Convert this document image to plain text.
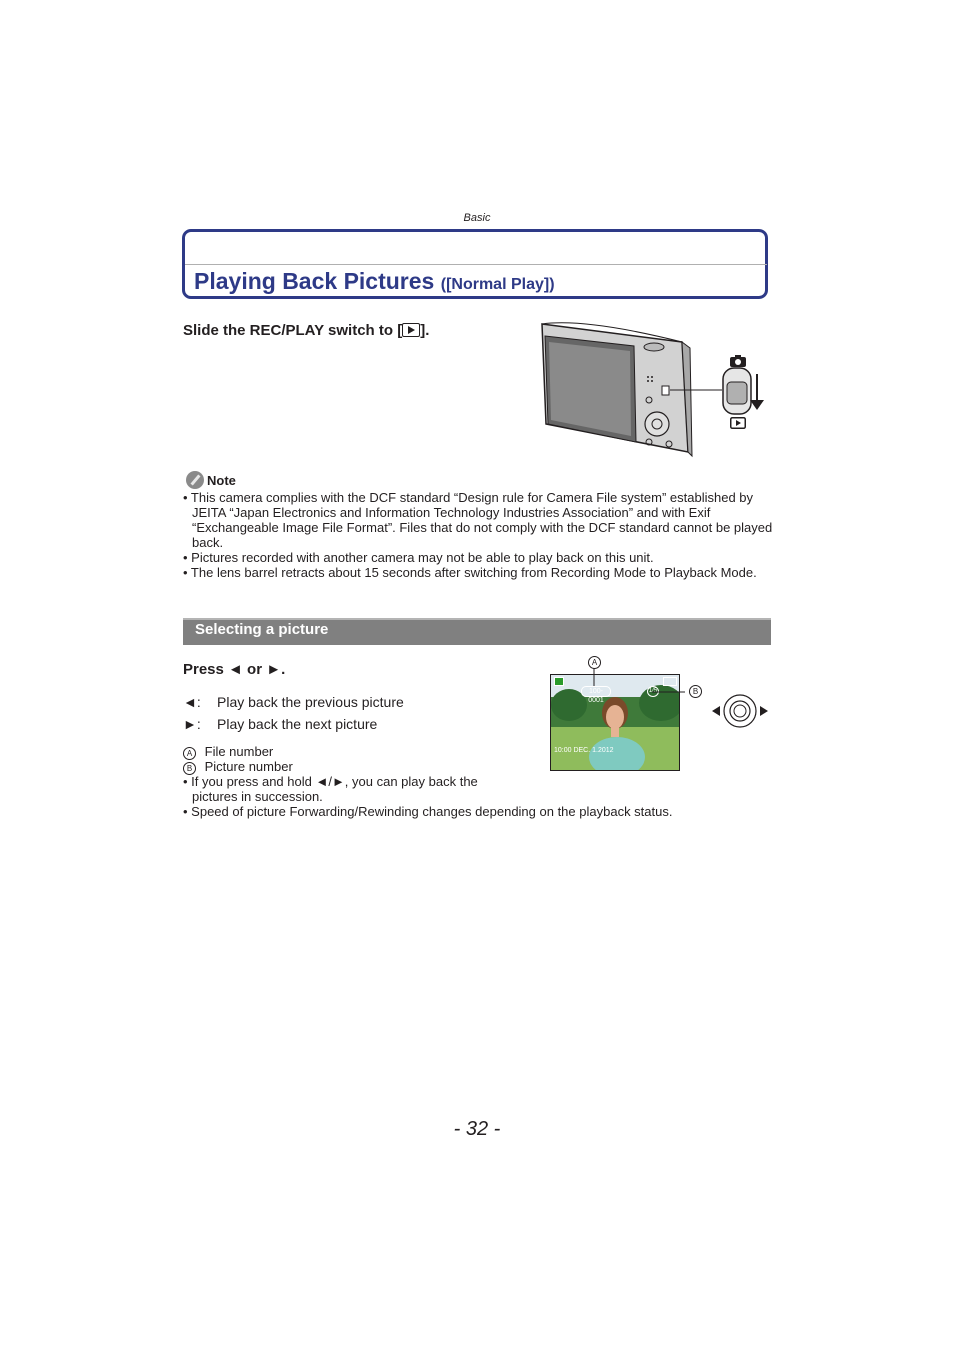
Basic
Playing Back Pictures ([Normal Play])
Slide the REC/PLAY switch to [ ].
Note
• This camera complies with the DCF standard “Design rule for Camera File system” established by JEITA “Japan Electronics and Information Technology Industries Association” and with Exif “Exchangeable Image File Format”. Files that do not comply with the DCF standard cannot be played back.
• Pictures recorded with another camera may not be able to play back on this unit.
• The lens barrel retracts about 15 seconds after switching from Recording Mode to Playback Mode.
Selecting a picture
Press ◄ or ►.
◄: Play back the previous picture
►: Play back the next picture
A File number
B Picture number
• If you press and hold ◄/►, you can play back the pictures in succession.
• Speed of picture Forwarding/Rewinding changes depending on the playback status.
100-0001
1/5
10:00 DEC. 1.2012
A
B
- 32 -
